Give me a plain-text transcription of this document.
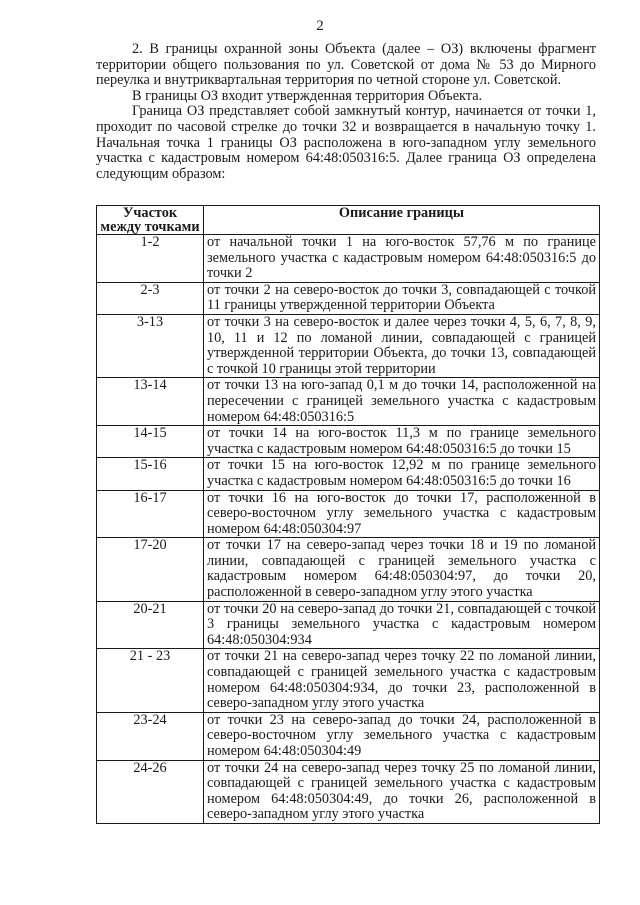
2

2. В границы охранной зоны Объекта (далее – ОЗ) включены фрагмент территории общего пользования по ул. Советской от дома № 53 до Мирного переулка и внутриквартальная территория по четной стороне ул. Советской.

В границы ОЗ входит утвержденная территория Объекта.

Граница ОЗ представляет собой замкнутый контур, начинается от точки 1, проходит по часовой стрелке до точки 32 и возвращается в начальную точку 1. Начальная точка 1 границы ОЗ расположена в юго-западном углу земельного участка с кадастровым номером 64:48:050316:5. Далее граница ОЗ определена следующим образом:

Участок
между точками	Описание границы
1-2	от начальной точки 1 на юго-восток 57,76 м по границе земельного участка с кадастровым номером 64:48:050316:5 до точки 2
2-3	от точки 2 на северо-восток до точки 3, совпадающей с точкой 11 границы утвержденной территории Объекта
3-13	от точки 3 на северо-восток и далее через точки 4, 5, 6, 7, 8, 9, 10, 11 и 12 по ломаной линии, совпадающей с границей утвержденной территории Объекта, до точки 13, совпадающей с точкой 10 границы этой территории
13-14	от точки 13 на юго-запад 0,1 м до точки 14, расположенной на пересечении с границей земельного участка с кадастровым номером 64:48:050316:5
14-15	от точки 14 на юго-восток 11,3 м по границе земельного участка с кадастровым номером 64:48:050316:5 до точки 15
15-16	от точки 15 на юго-восток 12,92 м по границе земельного участка с кадастровым номером 64:48:050316:5 до точки 16
16-17	от точки 16 на юго-восток до точки 17, расположенной в северо-восточном углу земельного участка с кадастровым номером 64:48:050304:97
17-20	от точки 17 на северо-запад через точки 18 и 19 по ломаной линии, совпадающей с границей земельного участка с кадастровым номером 64:48:050304:97, до точки 20, расположенной в северо-западном углу этого участка
20-21	от точки 20 на северо-запад до точки 21, совпадающей с точкой 3 границы земельного участка с кадастровым номером 64:48:050304:934
21 - 23	от точки 21 на северо-запад через точку 22 по ломаной линии, совпадающей с границей земельного участка с кадастровым номером 64:48:050304:934, до точки 23, расположенной в северо-западном углу этого участка
23-24	от точки 23 на северо-запад до точки 24, расположенной в северо-восточном углу земельного участка с кадастровым номером 64:48:050304:49
24-26	от точки 24 на северо-запад через точку 25 по ломаной линии, совпадающей с границей земельного участка с кадастровым номером 64:48:050304:49, до точки 26, расположенной в северо-западном углу этого участка
